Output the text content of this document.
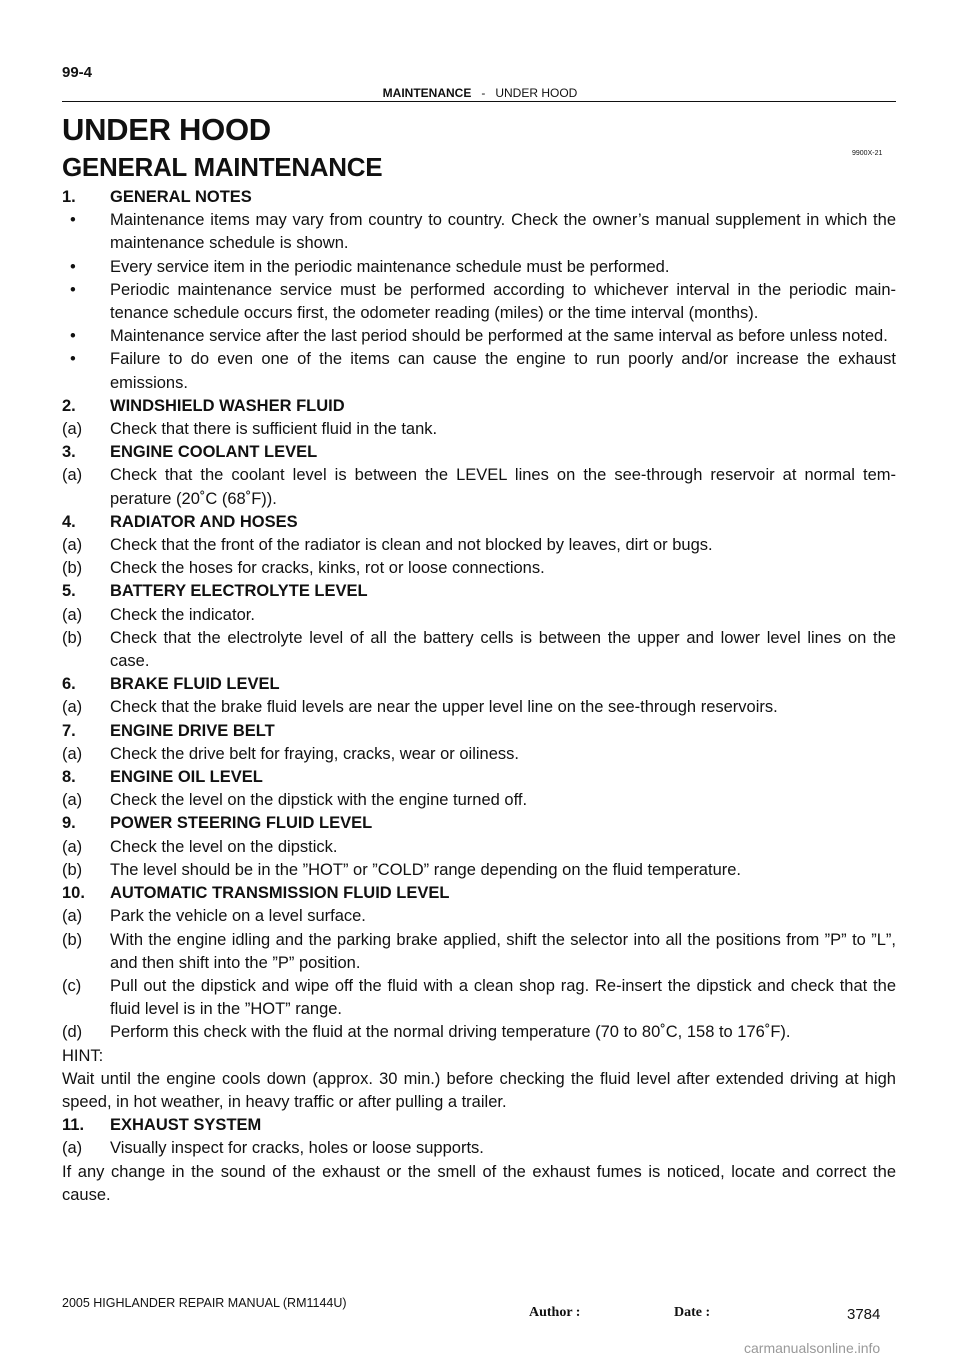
99-4
MAINTENANCE - UNDER HOOD
UNDER HOOD
GENERAL MAINTENANCE	9900X-21
1.	GENERAL NOTES
•	Maintenance items may vary from country to country. Check the owner’s manual supplement in which the maintenance schedule is shown.
•	Every service item in the periodic maintenance schedule must be performed.
•	Periodic maintenance service must be performed according to whichever interval in the periodic main- tenance schedule occurs first, the odometer reading (miles) or the time interval (months).
•	Maintenance service after the last period should be performed at the same interval as before unless noted.
•	Failure to do even one of the items can cause the engine to run poorly and/or increase the exhaust emissions.
2.	WINDSHIELD WASHER FLUID
(a)	Check that there is sufficient fluid in the tank.
3.	ENGINE COOLANT LEVEL
(a)	Check that the coolant level is between the LEVEL lines on the see-through reservoir at normal tem- perature (20˚C (68˚F)).
4.	RADIATOR AND HOSES
(a)	Check that the front of the radiator is clean and not blocked by leaves, dirt or bugs.
(b)	Check the hoses for cracks, kinks, rot or loose connections.
5.	BATTERY ELECTROLYTE LEVEL
(a)	Check the indicator.
(b)	Check that the electrolyte level of all the battery cells is between the upper and lower level lines on the case.
6.	BRAKE FLUID LEVEL
(a)	Check that the brake fluid levels are near the upper level line on the see-through reservoirs.
7.	ENGINE DRIVE BELT
(a)	Check the drive belt for fraying, cracks, wear or oiliness.
8.	ENGINE OIL LEVEL
(a)	Check the level on the dipstick with the engine turned off.
9.	POWER STEERING FLUID LEVEL
(a)	Check the level on the dipstick.
(b)	The level should be in the ”HOT” or ”COLD” range depending on the fluid temperature.
10.	AUTOMATIC TRANSMISSION FLUID LEVEL
(a)	Park the vehicle on a level surface.
(b)	With the engine idling and the parking brake applied, shift the selector into all the positions from ”P” to ”L”, and then shift into the ”P” position.
(c)	Pull out the dipstick and wipe off the fluid with a clean shop rag. Re-insert the dipstick and check that the fluid level is in the ”HOT” range.
(d)	Perform this check with the fluid at the normal driving temperature (70 to 80˚C, 158 to 176˚F).
HINT:
Wait until the engine cools down (approx. 30 min.) before checking the fluid level after extended driving at high speed, in hot weather, in heavy traffic or after pulling a trailer.
11.	EXHAUST SYSTEM
(a)	Visually inspect for cracks, holes or loose supports.
If any change in the sound of the exhaust or the smell of the exhaust fumes is noticed, locate and correct the cause.
2005 HIGHLANDER REPAIR MANUAL (RM1144U)
Author :	Date :	3784
carmanualsonline.info
